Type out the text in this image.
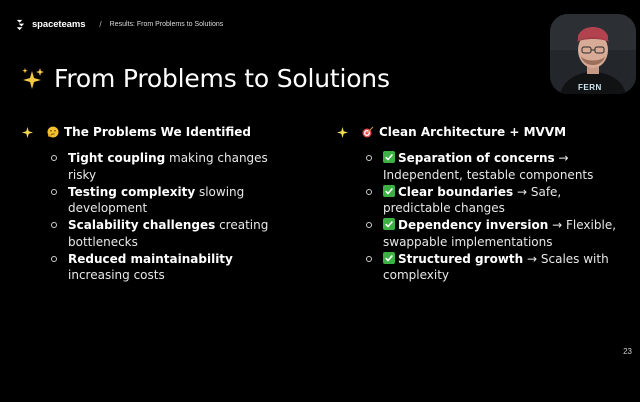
spaceteams / Results: From Problems to Solutions
FERN
From Problems to Solutions
The Problems We Identified
Tight coupling making changes risky
Testing complexity slowing development
Scalability challenges creating bottlenecks
Reduced maintainability increasing costs
Clean Architecture + MVVM
Separation of concerns → Independent, testable components
Clear boundaries → Safe, predictable changes
Dependency inversion → Flexible, swappable implementations
Structured growth → Scales with complexity
23
